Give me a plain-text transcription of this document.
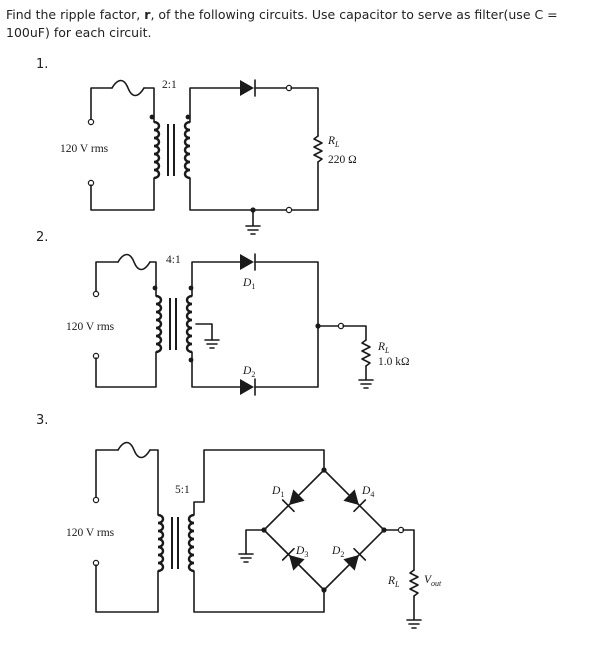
Find the ripple factor, r, of the following circuits. Use capacitor to serve as filter(use C = 100uF) for each circuit.
1.
2.
3.
120 V rms
2:1
$R_L$
220 Ω
120 V rms
4:1
$D_1$
$D_2$
$R_L$
1.0 kΩ
120 V rms
5:1	$D_1$	$D_4$
$D_3$ $D_2$
$R_L$ $V_{out}$
